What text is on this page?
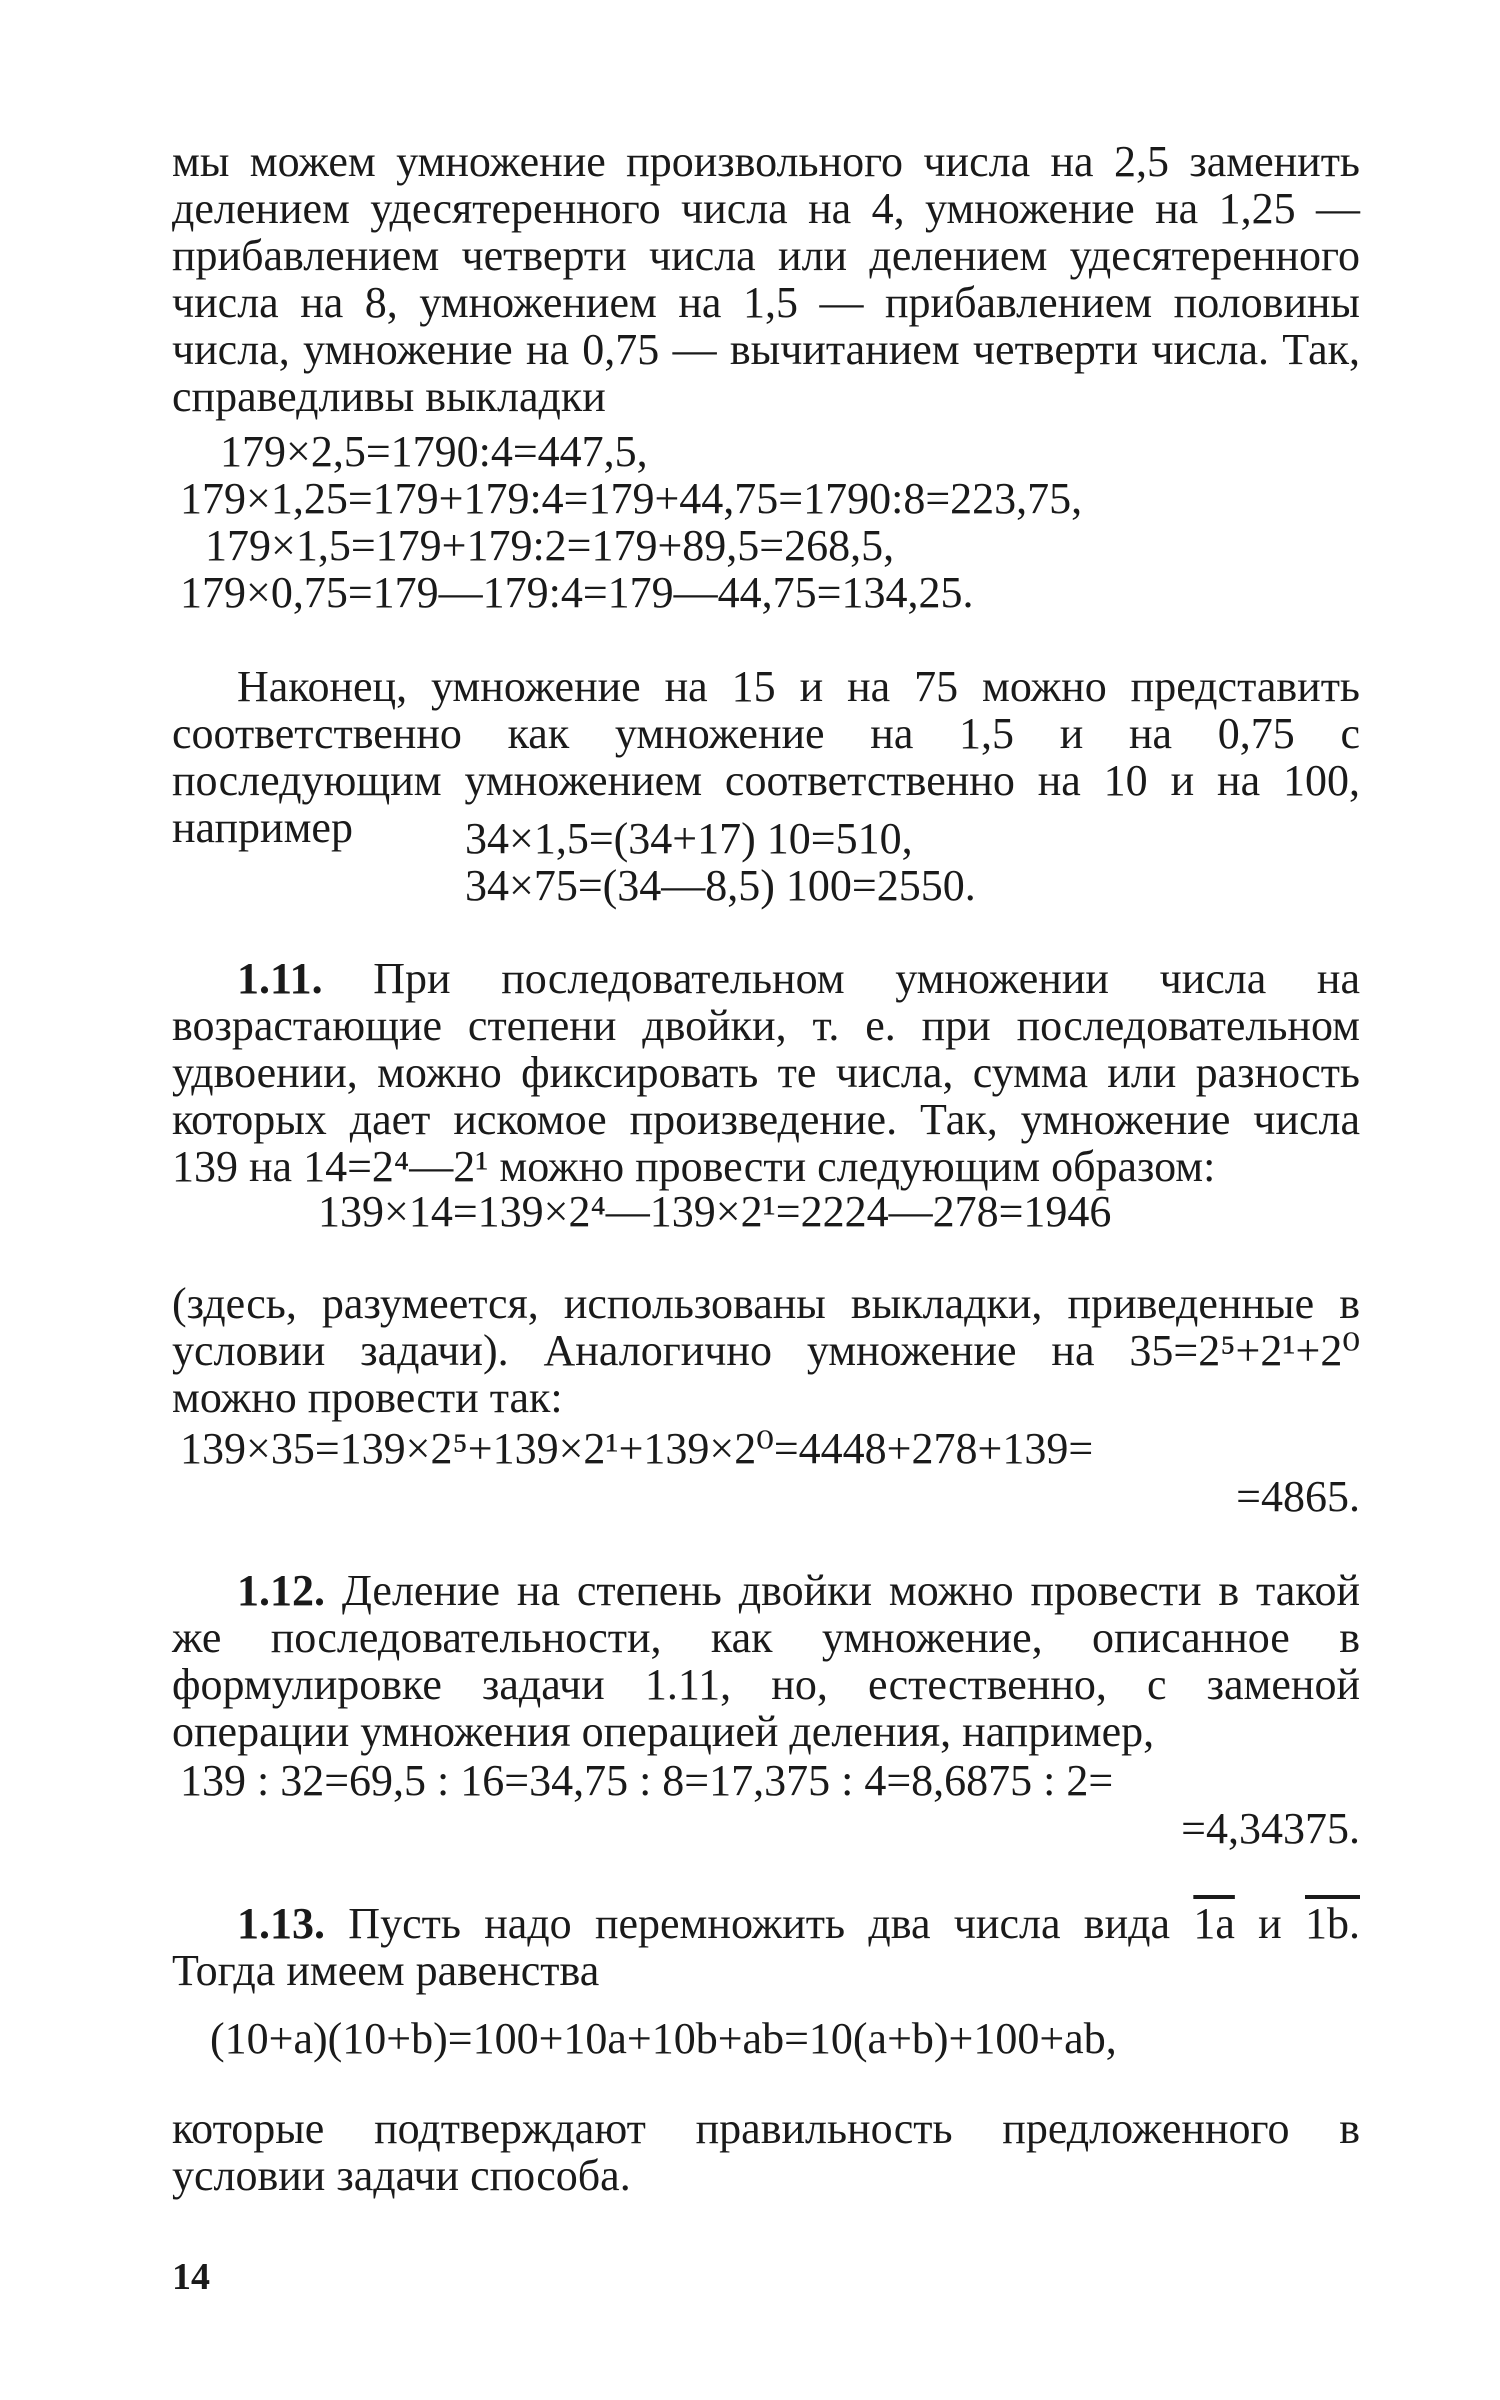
мы можем умножение произвольного числа на 2,5 заменить делением удесятеренного числа на 4, умножение на 1,25 — прибавлением четверти числа или делением удесятеренного числа на 8, умножением на 1,5 — прибавлением половины числа, умножение на 0,75 — вычитанием четверти числа. Так, справедливы выкладки
179×2,5=1790:4=447,5,
179×1,25=179+179:4=179+44,75=1790:8=223,75,
179×1,5=179+179:2=179+89,5=268,5,
179×0,75=179—179:4=179—44,75=134,25.
Наконец, умножение на 15 и на 75 можно представить соответственно как умножение на 1,5 и на 0,75 с последующим умножением соответственно на 10 и на 100, например	34×1,5=(34+17) 10=510,
34×75=(34—8,5) 100=2550.
1.11. При последовательном умножении числа на возрастающие степени двойки, т. е. при последовательном удвоении, можно фиксировать те числа, сумма или разность которых дает искомое произведение. Так, умножение числа 139 на 14=2⁴—2¹ можно провести следующим образом:
139×14=139×2⁴—139×2¹=2224—278=1946
(здесь, разумеется, использованы выкладки, приведенные в условии задачи). Аналогично умножение на 35=2⁵+2¹+2⁰ можно провести так:
139×35=139×2⁵+139×2¹+139×2⁰=4448+278+139=
=4865.
1.12. Деление на степень двойки можно провести в такой же последовательности, как умножение, описанное в формулировке задачи 1.11, но, естественно, с заменой операции умножения операцией деления, например,
139 : 32=69,5 : 16=34,75 : 8=17,375 : 4=8,6875 : 2=
=4,34375.
1.13. Пусть надо перемножить два числа вида 1a и 1b.
Тогда имеем равенства
(10+a)(10+b)=100+10a+10b+ab=10(a+b)+100+ab,
которые подтверждают правильность предложенного в условии задачи способа.
14
